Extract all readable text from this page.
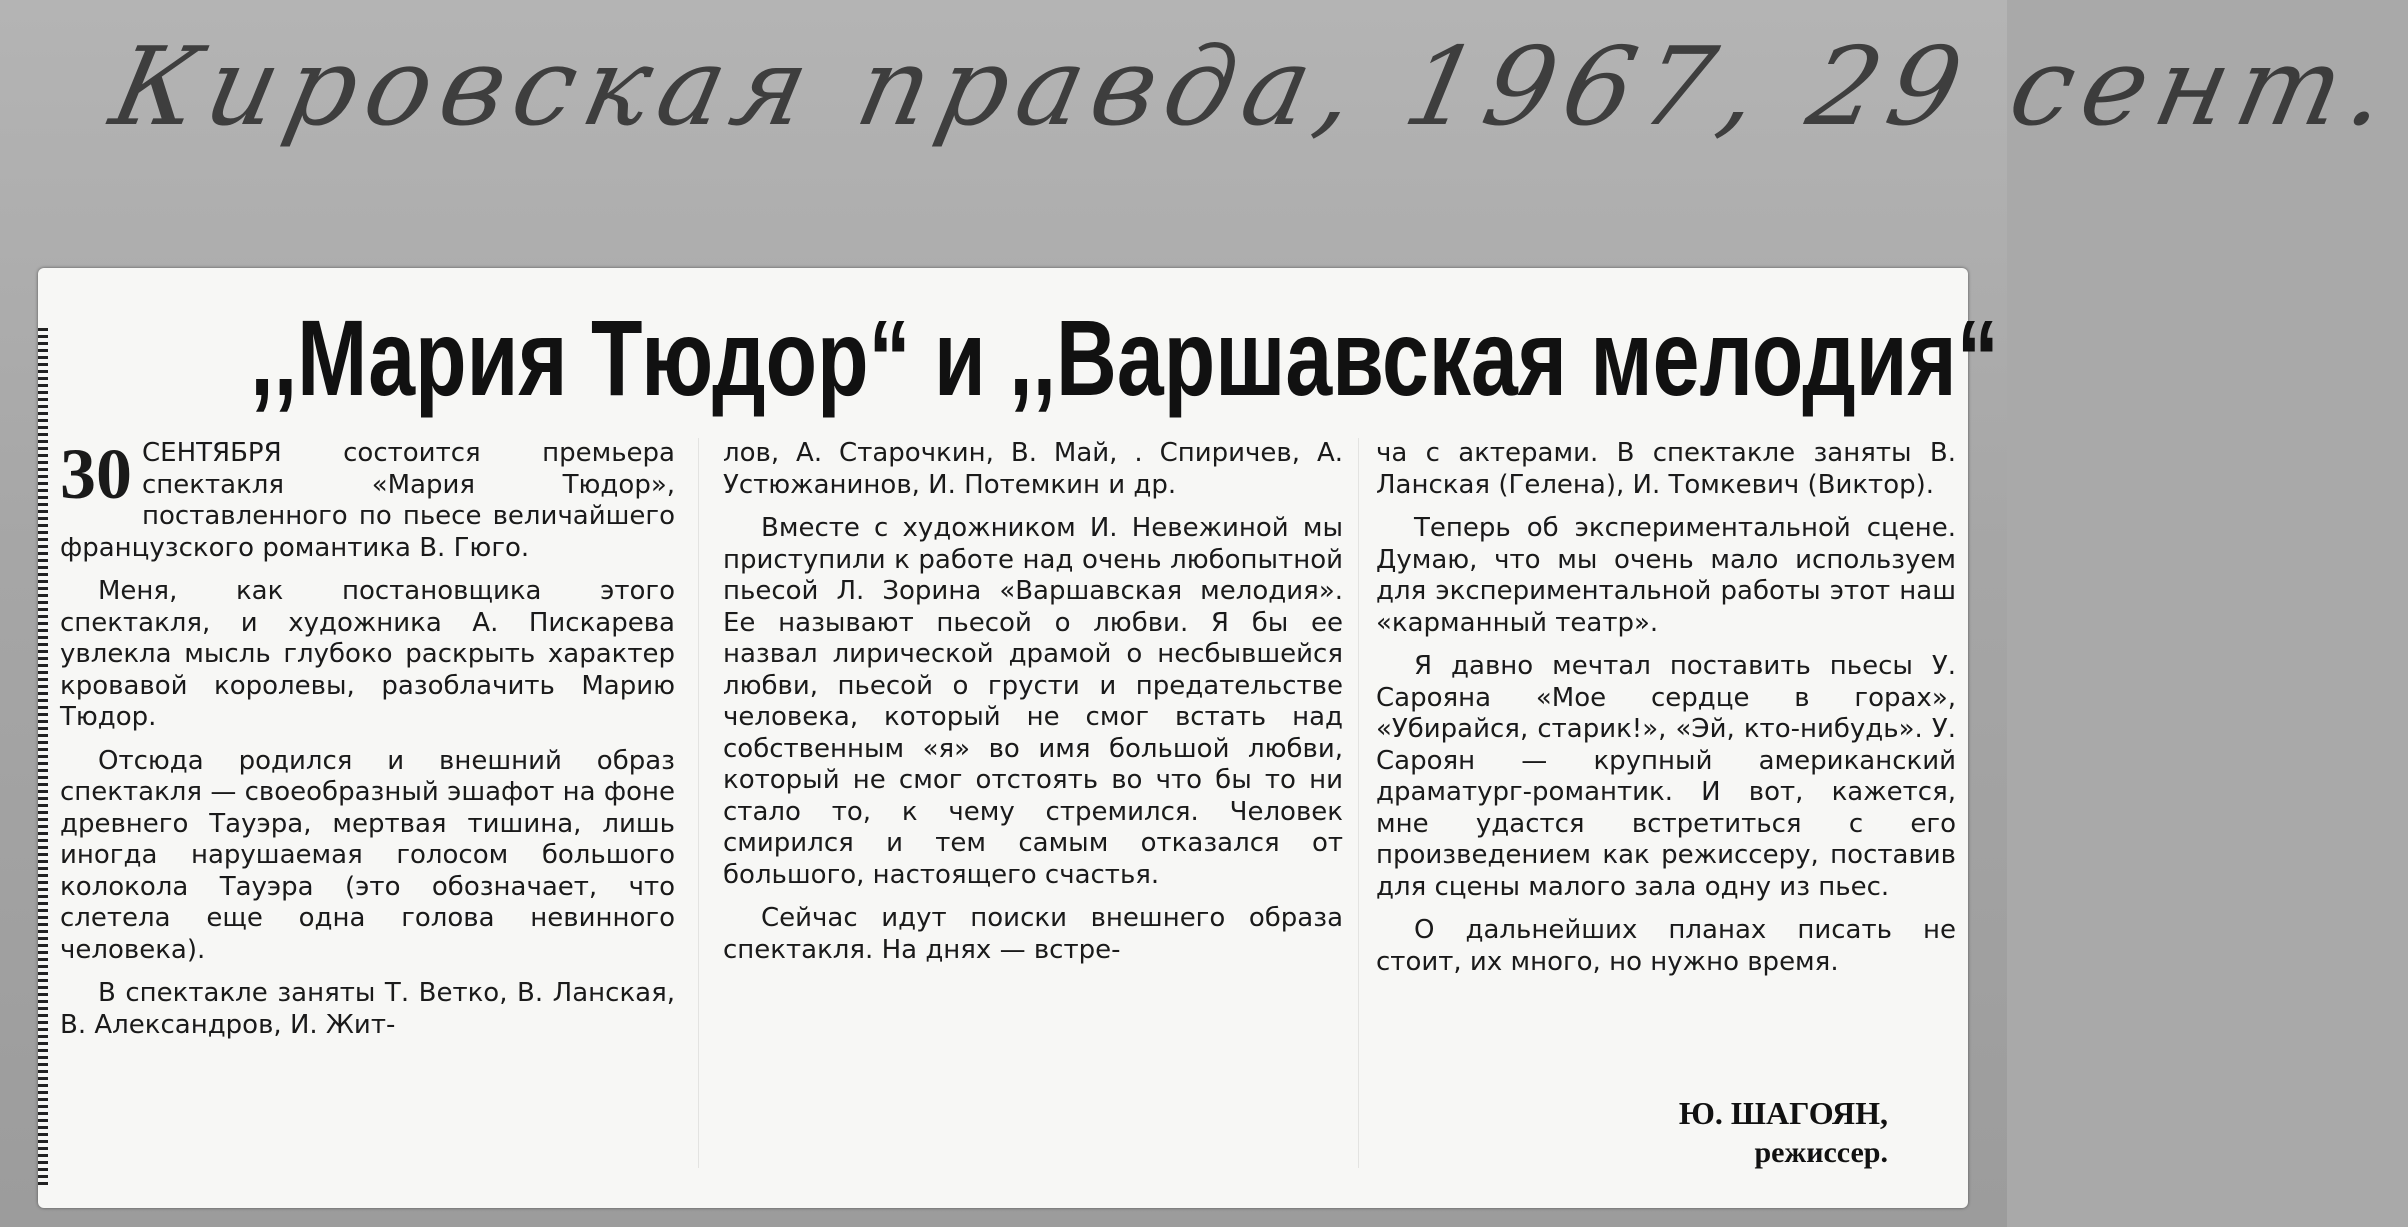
Кировская правда, 1967, 29 сент.
,,Мария Тюдор“ и ,,Варшавская мелодия“

30 СЕНТЯБРЯ состоится премьера спектакля «Мария Тюдор», поставленного по пьесе величайшего французского романтика В. Гюго.

Меня, как постановщика этого спектакля, и художника А. Пискарева увлекла мысль глубоко раскрыть характер кровавой королевы, разоблачить Марию Тюдор.

Отсюда родился и внешний образ спектакля — своеобразный эшафот на фоне древнего Тауэра, мертвая тишина, лишь иногда нарушаемая голосом большого колокола Тауэра (это обозначает, что слетела еще одна голова невинного человека).

В спектакле заняты Т. Ветко, В. Ланская, В. Александров, И. Жит-

лов, А. Старочкин, В. Май, . Спиричев, А. Устюжанинов, И. Потемкин и др.

Вместе с художником И. Невежиной мы приступили к работе над очень любопытной пьесой Л. Зорина «Варшавская мелодия». Ее называют пьесой о любви. Я бы ее назвал лирической драмой о несбывшейся любви, пьесой о грусти и предательстве человека, который не смог встать над собственным «я» во имя большой любви, который не смог отстоять во что бы то ни стало то, к чему стремился. Человек смирился и тем самым отказался от большого, настоящего счастья.

Сейчас идут поиски внешнего образа спектакля. На днях — встре-

ча с актерами. В спектакле заняты В. Ланская (Гелена), И. Томкевич (Виктор).

Теперь об экспериментальной сцене. Думаю, что мы очень мало используем для экспериментальной работы этот наш «карманный театр».

Я давно мечтал поставить пьесы У. Сарояна «Мое сердце в горах», «Убирайся, старик!», «Эй, кто-нибудь». У. Сароян — крупный американский драматург-романтик. И вот, кажется, мне удастся встретиться с его произведением как режиссеру, поставив для сцены малого зала одну из пьес.

О дальнейших планах писать не стоит, их много, но нужно время.

Ю. ШАГОЯН,
режиссер.
